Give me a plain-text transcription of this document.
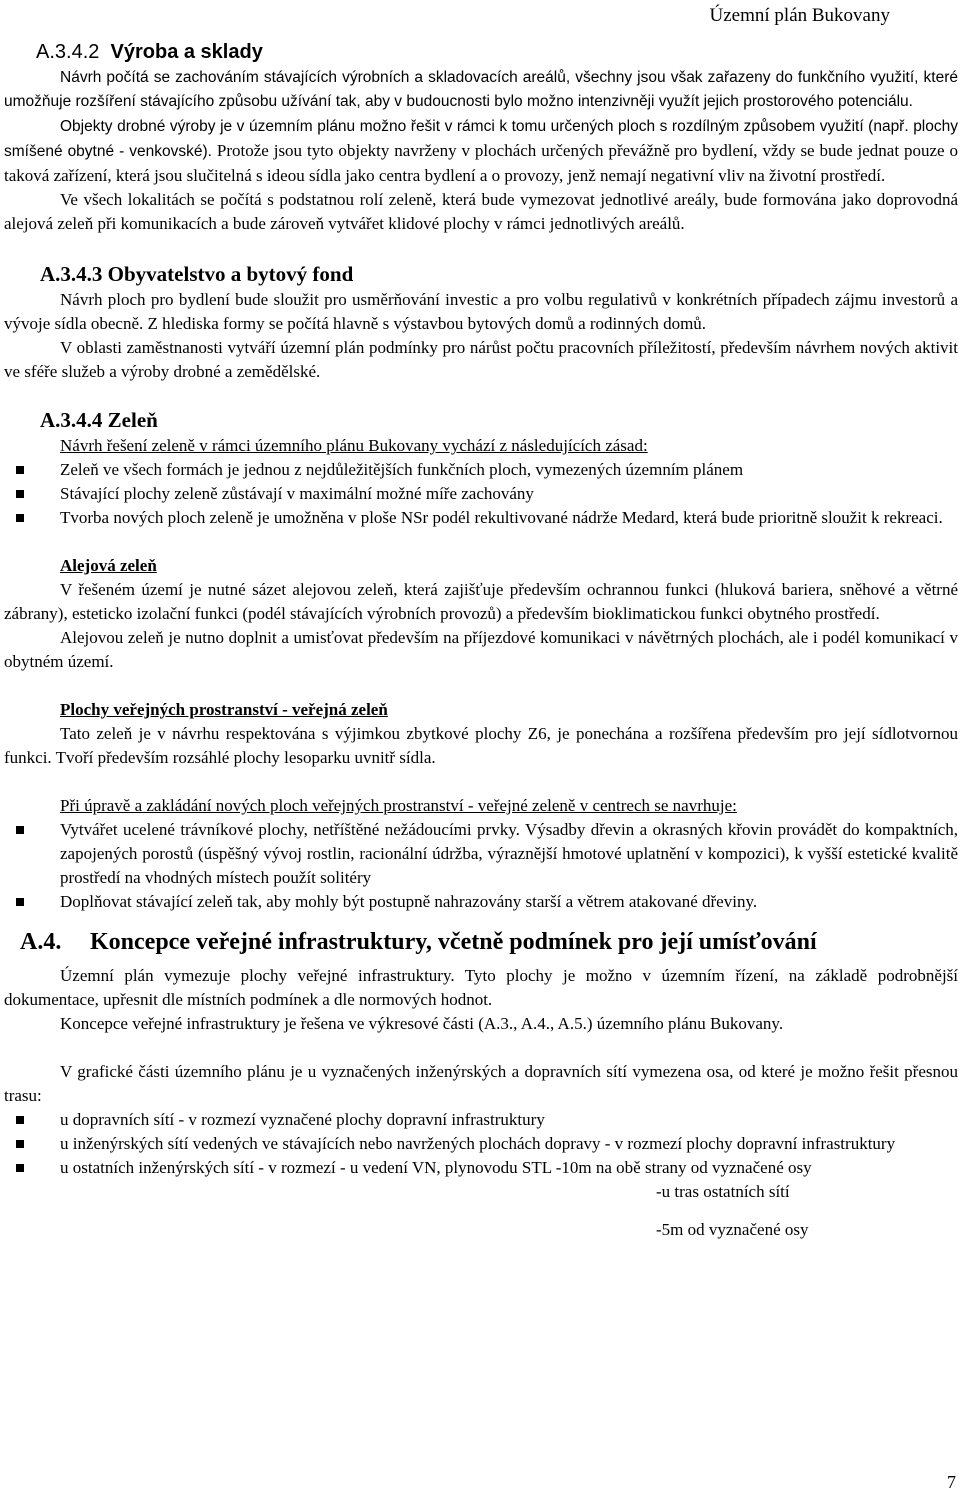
Územní plán Bukovany
A.3.4.2 Výroba a sklady

Návrh počítá se zachováním stávajících výrobních a skladovacích areálů, všechny jsou však zařazeny do funkčního využití, které umožňuje rozšíření stávajícího způsobu užívání tak, aby v budoucnosti bylo možno intenzivněji využít jejich prostorového potenciálu.

Objekty drobné výroby je v územním plánu možno řešit v rámci k tomu určených ploch s rozdílným způsobem využití (např. plochy smíšené obytné - venkovské). Protože jsou tyto objekty navrženy v plochách určených převážně pro bydlení, vždy se bude jednat pouze o taková zařízení, která jsou slučitelná s ideou sídla jako centra bydlení a o provozy, jenž nemají negativní vliv na životní prostředí.

Ve všech lokalitách se počítá s podstatnou rolí zeleně, která bude vymezovat jednotlivé areály, bude formována jako doprovodná alejová zeleň při komunikacích a bude zároveň vytvářet klidové plochy v rámci jednotlivých areálů.

A.3.4.3 Obyvatelstvo a bytový fond

Návrh ploch pro bydlení bude sloužit pro usměrňování investic a pro volbu regulativů v konkrétních případech zájmu investorů a vývoje sídla obecně. Z hlediska formy se počítá hlavně s výstavbou bytových domů a rodinných domů.

V oblasti zaměstnanosti vytváří územní plán podmínky pro nárůst počtu pracovních příležitostí, především návrhem nových aktivit ve sféře služeb a výroby drobné a zemědělské.

A.3.4.4 Zeleň

Návrh řešení zeleně v rámci územního plánu Bukovany vychází z následujících zásad:

Zeleň ve všech formách je jednou z nejdůležitějších funkčních ploch, vymezených územním plánem
Stávající plochy zeleně zůstávají v maximální možné míře zachovány
Tvorba nových ploch zeleně je umožněna v ploše NSr podél rekultivované nádrže Medard, která bude prioritně sloužit k rekreaci.

Alejová zeleň

V řešeném území je nutné sázet alejovou zeleň, která zajišťuje především ochrannou funkci (hluková bariera, sněhové a větrné zábrany), esteticko izolační funkci (podél stávajících výrobních provozů) a především bioklimatickou funkci obytného prostředí.

Alejovou zeleň je nutno doplnit a umisťovat především na příjezdové komunikaci v návětrných plochách, ale i podél komunikací v obytném území.

Plochy veřejných prostranství - veřejná zeleň

Tato zeleň je v návrhu respektována s výjimkou zbytkové plochy Z6, je ponechána a rozšířena především pro její sídlotvornou funkci. Tvoří především rozsáhlé plochy lesoparku uvnitř sídla.

Při úpravě a zakládání nových ploch veřejných prostranství - veřejné zeleně v centrech se navrhuje:

Vytvářet ucelené trávníkové plochy, netříštěné nežádoucími prvky. Výsadby dřevin a okrasných křovin provádět do kompaktních, zapojených porostů (úspěšný vývoj rostlin, racionální údržba, výraznější hmotové uplatnění v kompozici), k vyšší estetické kvalitě prostředí na vhodných místech použít solitéry
Doplňovat stávající zeleň tak, aby mohly být postupně nahrazovány starší a větrem atakované dřeviny.
A.4. Koncepce veřejné infrastruktury, včetně podmínek pro její umísťování

Územní plán vymezuje plochy veřejné infrastruktury. Tyto plochy je možno v územním řízení, na základě podrobnější dokumentace, upřesnit dle místních podmínek a dle normových hodnot.

Koncepce veřejné infrastruktury je řešena ve výkresové části (A.3., A.4., A.5.) územního plánu Bukovany.

V grafické části územního plánu je u vyznačených inženýrských a dopravních sítí vymezena osa, od které je možno řešit přesnou trasu:

u dopravních sítí - v rozmezí vyznačené plochy dopravní infrastruktury
u inženýrských sítí vedených ve stávajících nebo navržených plochách dopravy - v rozmezí plochy dopravní infrastruktury
u ostatních inženýrských sítí - v rozmezí - u vedení VN, plynovodu STL -10m na obě strany od vyznačené osy

-u tras ostatních sítí

-5m od vyznačené osy

7
